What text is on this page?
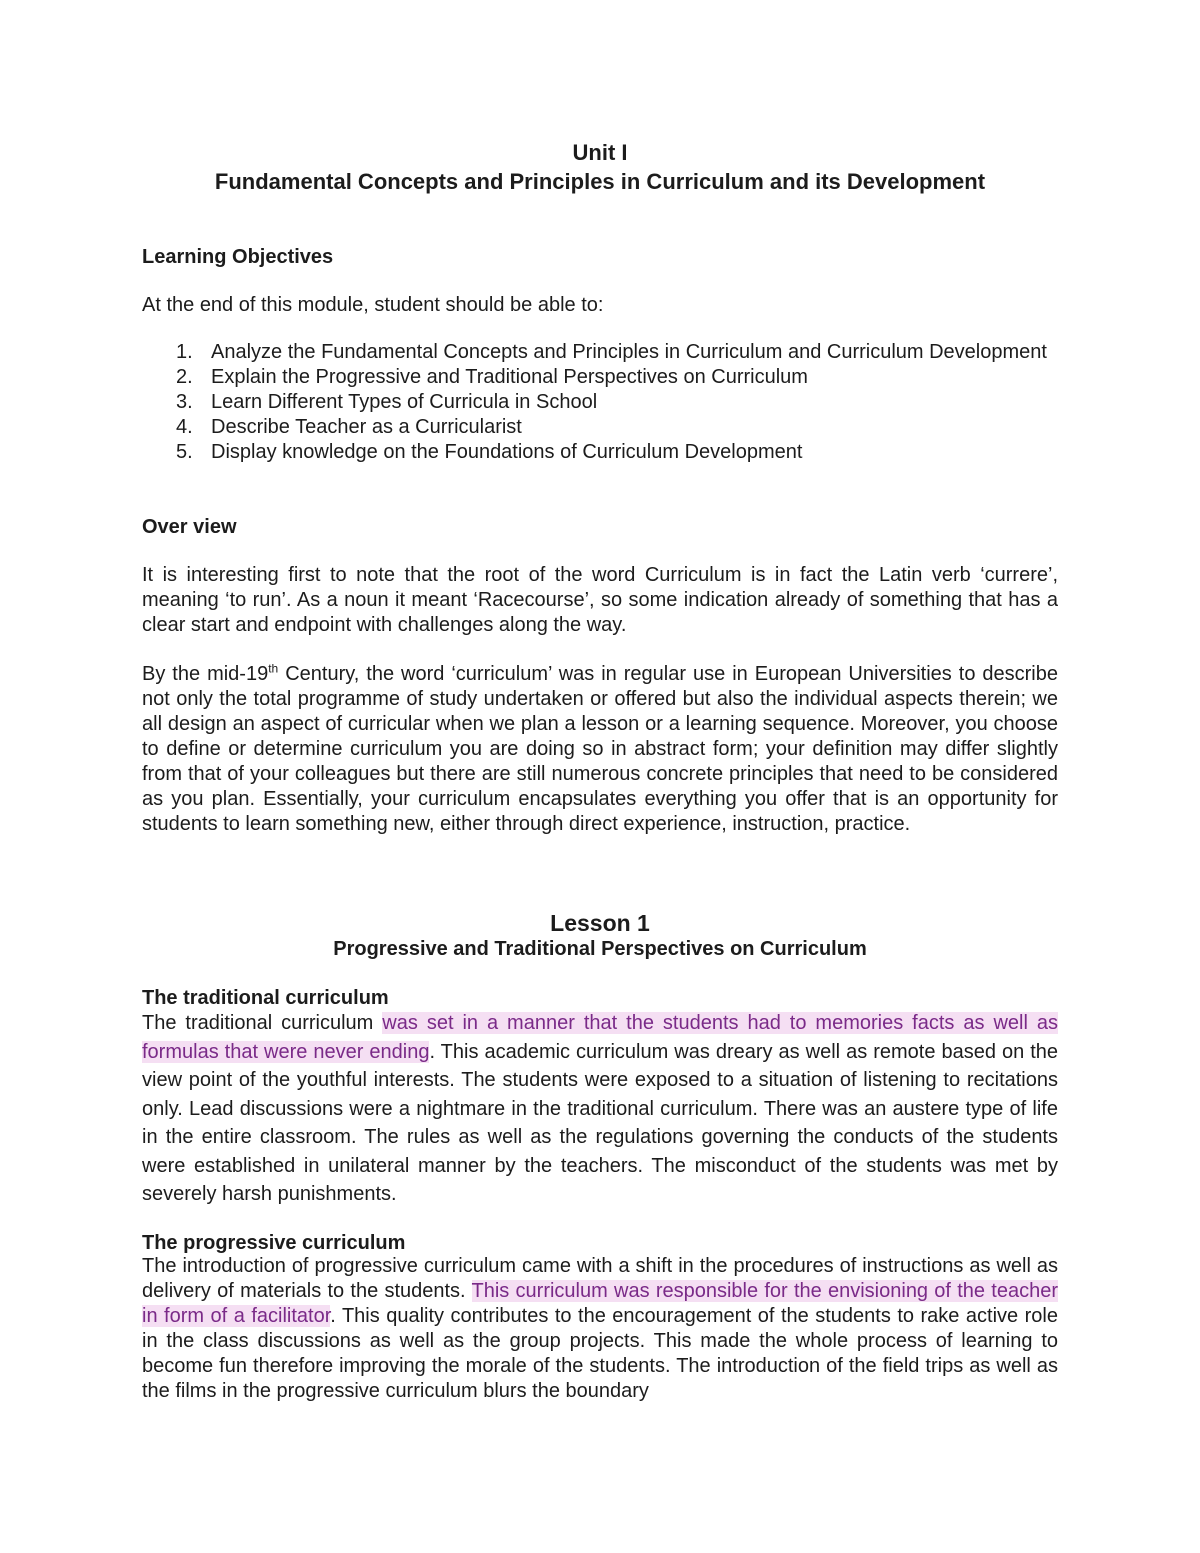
Unit I
Fundamental Concepts and Principles in Curriculum and its Development
Learning Objectives
At the end of this module, student should be able to:
1. Analyze the Fundamental Concepts and Principles in Curriculum and Curriculum Development
2. Explain the Progressive and Traditional Perspectives on Curriculum
3. Learn Different Types of Curricula in School
4. Describe Teacher as a Curricularist
5. Display knowledge on the Foundations of Curriculum Development
Over view
It is interesting first to note that the root of the word Curriculum is in fact the Latin verb ‘currere’, meaning ‘to run’. As a noun it meant ‘Racecourse’, so some indication already of something that has a clear start and endpoint with challenges along the way.
By the mid-19th Century, the word ‘curriculum’ was in regular use in European Universities to describe not only the total programme of study undertaken or offered but also the individual aspects therein; we all design an aspect of curricular when we plan a lesson or a learning sequence. Moreover, you choose to define or determine curriculum you are doing so in abstract form; your definition may differ slightly from that of your colleagues but there are still numerous concrete principles that need to be considered as you plan. Essentially, your curriculum encapsulates everything you offer that is an opportunity for students to learn something new, either through direct experience, instruction, practice.
Lesson 1
Progressive and Traditional Perspectives on Curriculum
The traditional curriculum
The traditional curriculum was set in a manner that the students had to memories facts as well as formulas that were never ending. This academic curriculum was dreary as well as remote based on the view point of the youthful interests. The students were exposed to a situation of listening to recitations only. Lead discussions were a nightmare in the traditional curriculum. There was an austere type of life in the entire classroom. The rules as well as the regulations governing the conducts of the students were established in unilateral manner by the teachers. The misconduct of the students was met by severely harsh punishments.
The progressive curriculum
The introduction of progressive curriculum came with a shift in the procedures of instructions as well as delivery of materials to the students. This curriculum was responsible for the envisioning of the teacher in form of a facilitator. This quality contributes to the encouragement of the students to rake active role in the class discussions as well as the group projects. This made the whole process of learning to become fun therefore improving the morale of the students. The introduction of the field trips as well as the films in the progressive curriculum blurs the boundary
